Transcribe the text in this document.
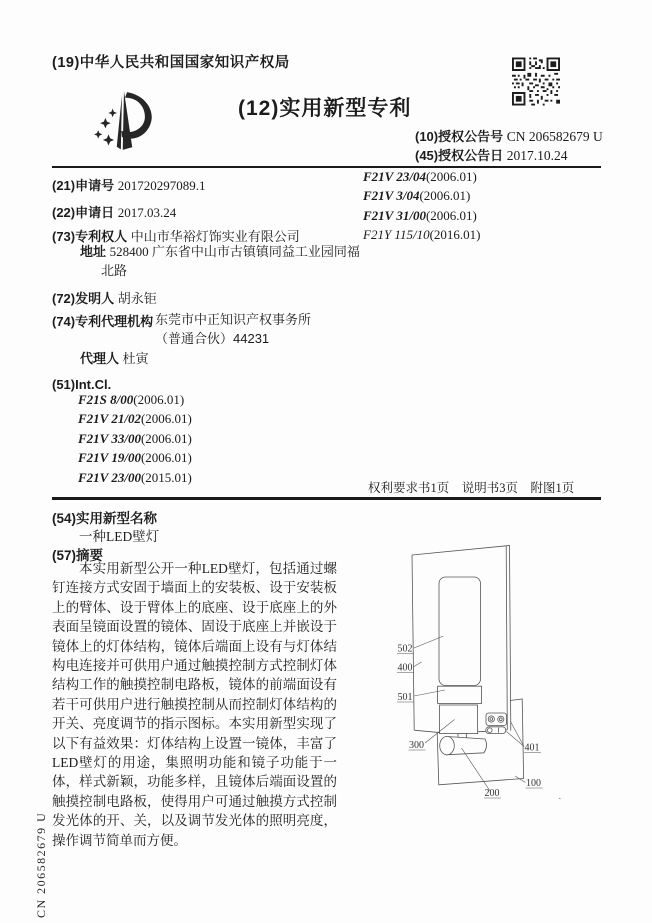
(19)中华人民共和国国家知识产权局
(12)实用新型专利
(10)授权公告号 CN 206582679 U
(45)授权公告日 2017.10.24
(21)申请号 201720297089.1
(22)申请日 2017.03.24
(73)专利权人 中山市华裕灯饰实业有限公司
地址 528400 广东省中山市古镇镇同益工业园同福北路
(72)发明人 胡永钜
(74)专利代理机构 东莞市中正知识产权事务所（普通合伙）44231
代理人 杜寅
(51)Int.Cl.
F21S 8/00(2006.01)
F21V 21/02(2006.01)
F21V 33/00(2006.01)
F21V 19/00(2006.01)
F21V 23/00(2015.01)
F21V 23/04(2006.01)
F21V 3/04(2006.01)
F21V 31/00(2006.01)
F21Y 115/10(2016.01)
权利要求书1页　说明书3页　附图1页
(54)实用新型名称
一种LED壁灯
(57)摘要

本实用新型公开一种LED壁灯，包括通过螺钉连接方式安固于墙面上的安装板、设于安装板上的臂体、设于臂体上的底座、设于底座上的外表面呈镜面设置的镜体、固设于底座上并嵌设于镜体上的灯体结构，镜体后端面上设有与灯体结构电连接并可供用户通过触摸控制方式控制灯体结构工作的触摸控制电路板，镜体的前端面设有若干可供用户进行触摸控制从而控制灯体结构的开关、亮度调节的指示图标。本实用新型实现了以下有益效果：灯体结构上设置一镜体，丰富了LED壁灯的用途，集照明功能和镜子功能于一体，样式新颖，功能多样，且镜体后端面设置的触摸控制电路板，使得用户可通过触摸方式控制发光体的开、关，以及调节发光体的照明亮度，操作调节简单而方便。

502
400
501
300
200
401
100
CN 206582679 U
